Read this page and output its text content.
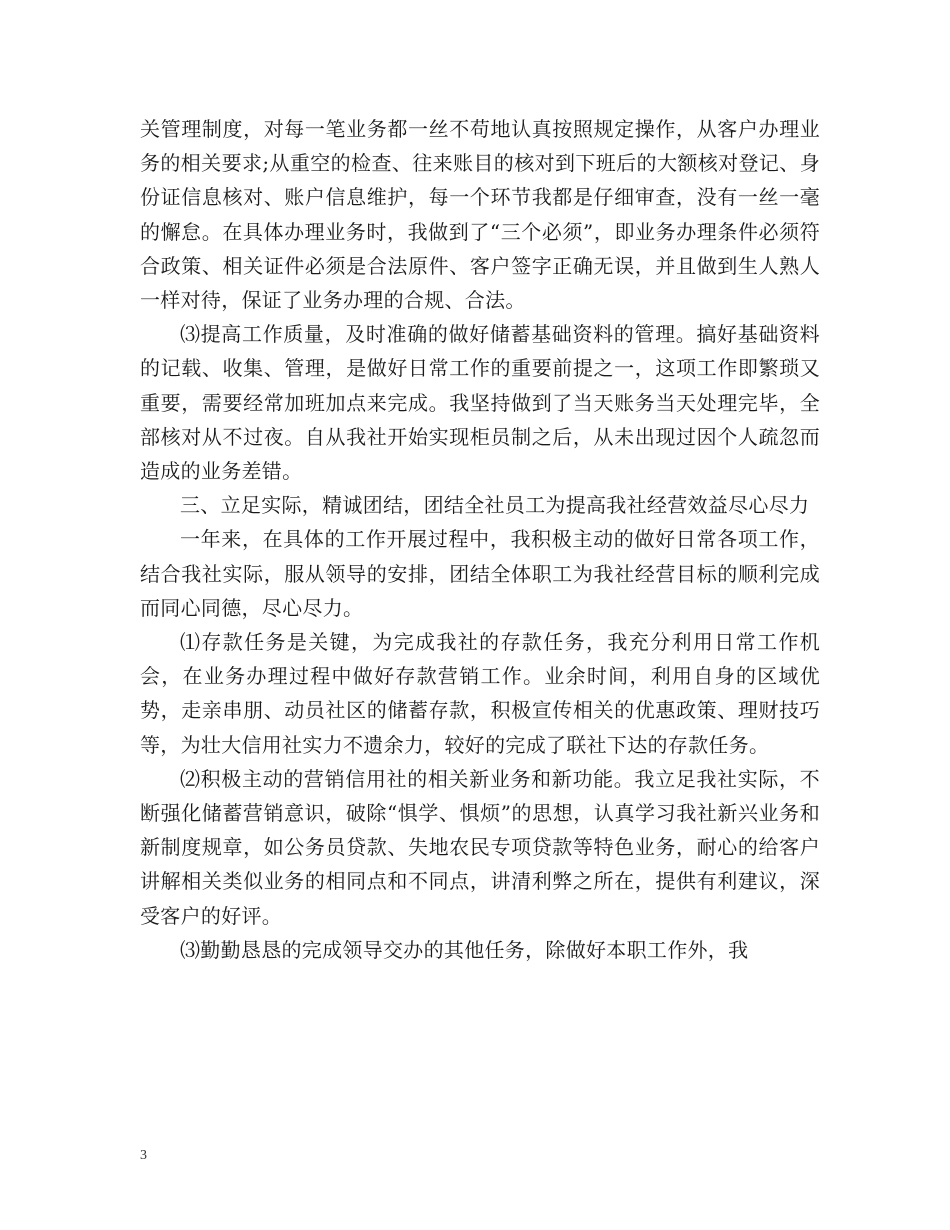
关管理制度，对每一笔业务都一丝不苟地认真按照规定操作，从客户办理业务的相关要求;从重空的检查、往来账目的核对到下班后的大额核对登记、身份证信息核对、账户信息维护，每一个环节我都是仔细审查，没有一丝一毫的懈怠。在具体办理业务时，我做到了“三个必须”，即业务办理条件必须符合政策、相关证件必须是合法原件、客户签字正确无误，并且做到生人熟人一样对待，保证了业务办理的合规、合法。

⑶提高工作质量，及时准确的做好储蓄基础资料的管理。搞好基础资料的记载、收集、管理，是做好日常工作的重要前提之一，这项工作即繁琐又重要，需要经常加班加点来完成。我坚持做到了当天账务当天处理完毕，全部核对从不过夜。自从我社开始实现柜员制之后，从未出现过因个人疏忽而造成的业务差错。

三、立足实际，精诚团结，团结全社员工为提高我社经营效益尽心尽力

一年来，在具体的工作开展过程中，我积极主动的做好日常各项工作，结合我社实际，服从领导的安排，团结全体职工为我社经营目标的顺利完成而同心同德，尽心尽力。

⑴存款任务是关键，为完成我社的存款任务，我充分利用日常工作机会，在业务办理过程中做好存款营销工作。业余时间，利用自身的区域优势，走亲串朋、动员社区的储蓄存款，积极宣传相关的优惠政策、理财技巧等，为壮大信用社实力不遗余力，较好的完成了联社下达的存款任务。

⑵积极主动的营销信用社的相关新业务和新功能。我立足我社实际，不断强化储蓄营销意识，破除“惧学、惧烦”的思想，认真学习我社新兴业务和新制度规章，如公务员贷款、失地农民专项贷款等特色业务，耐心的给客户讲解相关类似业务的相同点和不同点，讲清利弊之所在，提供有利建议，深受客户的好评。

⑶勤勤恳恳的完成领导交办的其他任务，除做好本职工作外，我

3
